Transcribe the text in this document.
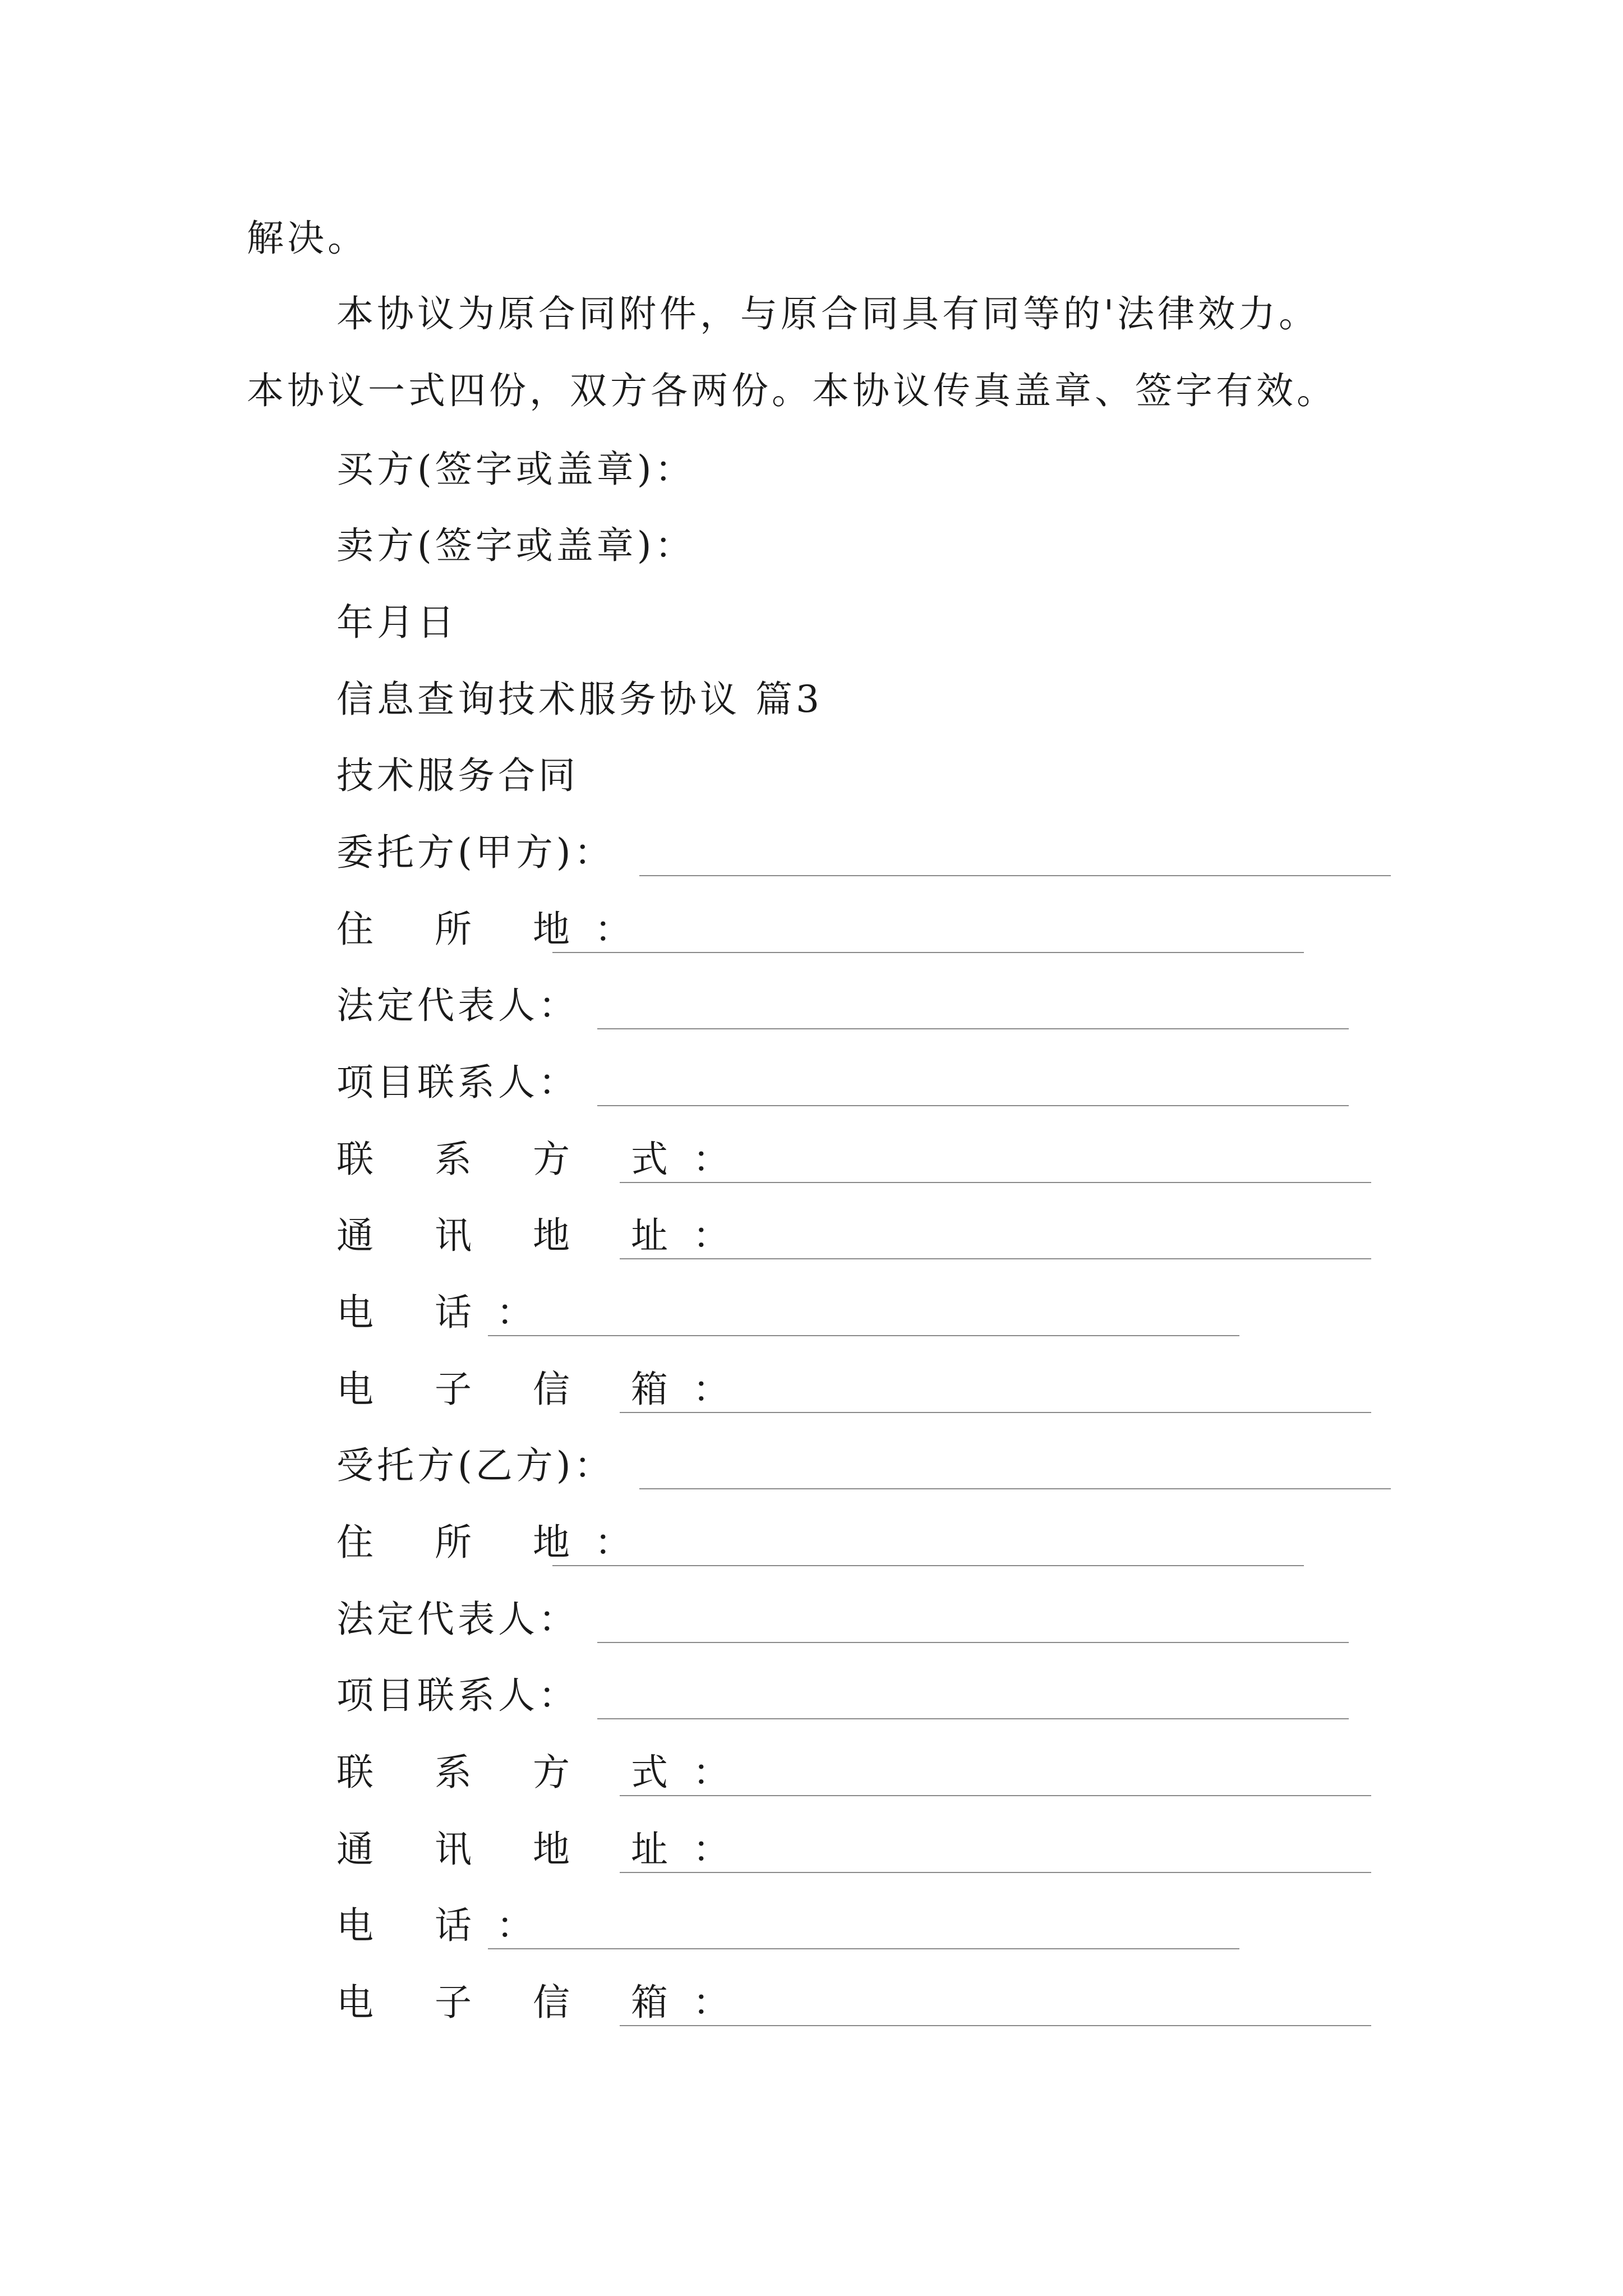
解决。
本协议为原合同附件，与原合同具有同等的'法律效力。
本协议一式四份，双方各两份。本协议传真盖章、签字有效。
买方(签字或盖章)：
卖方(签字或盖章)：
年月日
信息查询技术服务协议 篇3
技术服务合同
委托方(甲方)：
住 所 地：
法定代表人：
项目联系人：
联 系 方 式：
通 讯 地 址：
电 话：
电 子 信 箱：
受托方(乙方)：
住 所 地：
法定代表人：
项目联系人：
联 系 方 式：
通 讯 地 址：
电 话：
电 子 信 箱：
